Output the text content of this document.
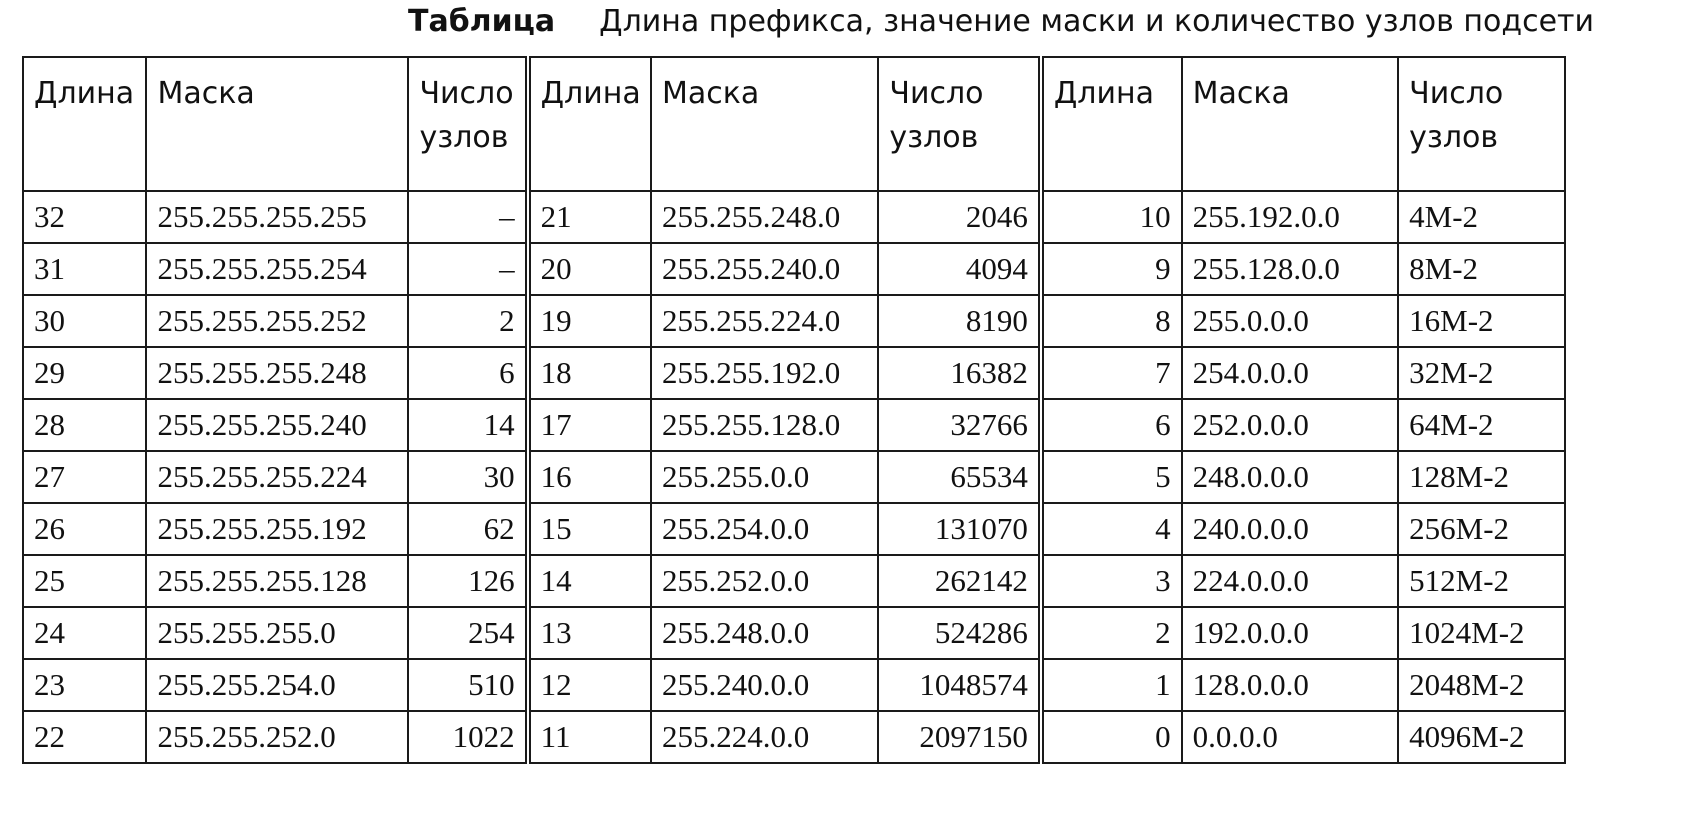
Таблица Длина префикса, значение маски и количество узлов подсети
Длина	Маска	Число узлов	Длина	Маска	Число узлов	Длина	Маска	Число узлов
32	255.255.255.255	–	21	255.255.248.0	2046	10	255.192.0.0	4M-2
31	255.255.255.254	–	20	255.255.240.0	4094	9	255.128.0.0	8M-2
30	255.255.255.252	2	19	255.255.224.0	8190	8	255.0.0.0	16M-2
29	255.255.255.248	6	18	255.255.192.0	16382	7	254.0.0.0	32M-2
28	255.255.255.240	14	17	255.255.128.0	32766	6	252.0.0.0	64M-2
27	255.255.255.224	30	16	255.255.0.0	65534	5	248.0.0.0	128M-2
26	255.255.255.192	62	15	255.254.0.0	131070	4	240.0.0.0	256M-2
25	255.255.255.128	126	14	255.252.0.0	262142	3	224.0.0.0	512M-2
24	255.255.255.0	254	13	255.248.0.0	524286	2	192.0.0.0	1024M-2
23	255.255.254.0	510	12	255.240.0.0	1048574	1	128.0.0.0	2048M-2
22	255.255.252.0	1022	11	255.224.0.0	2097150	0	0.0.0.0	4096M-2
